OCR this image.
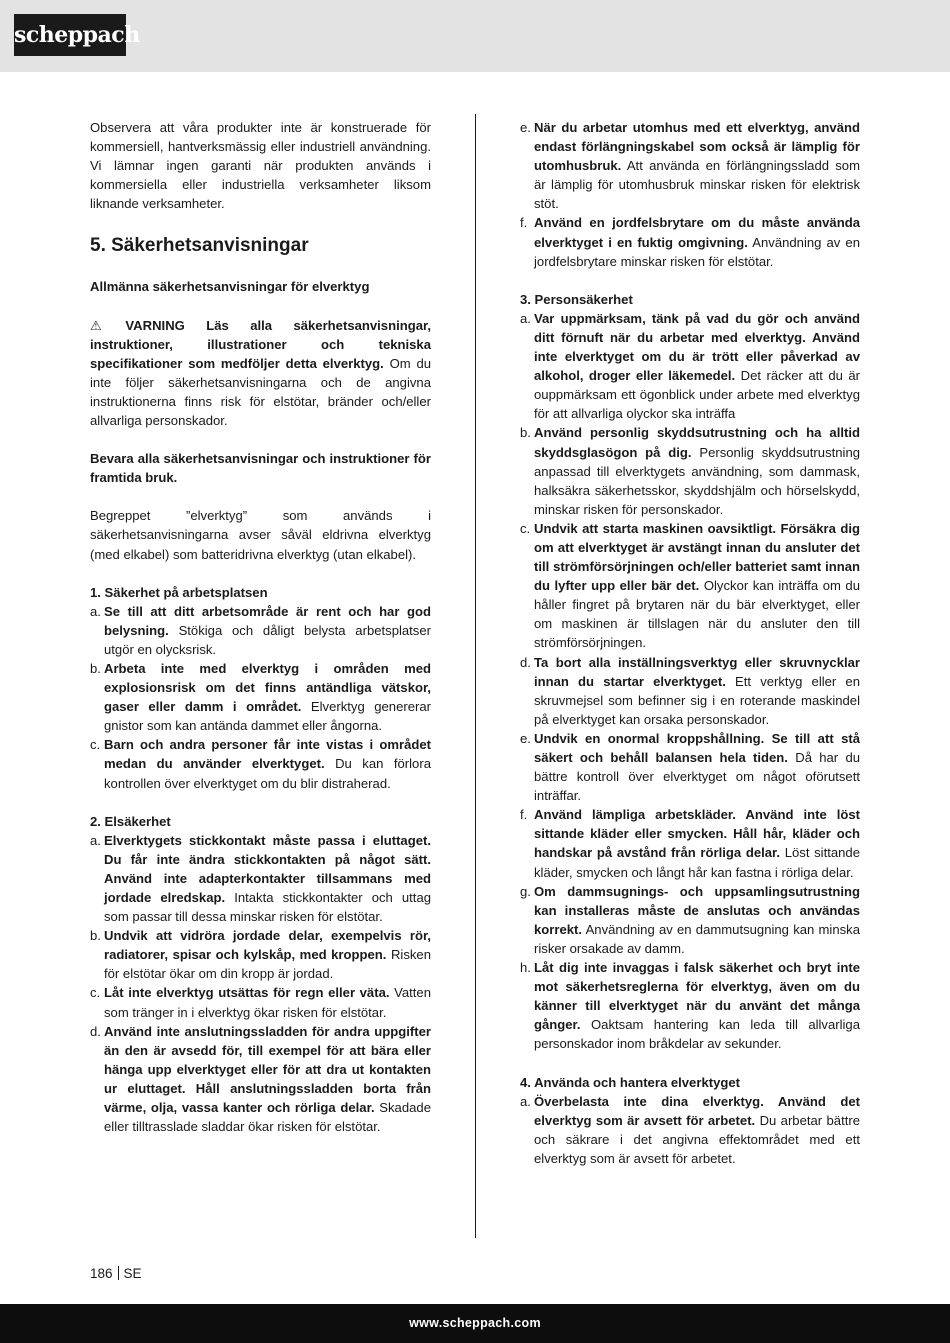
scheppach

Observera att våra produkter inte är konstruerade för kommersiell, hantverksmässig eller industriell användning. Vi lämnar ingen garanti när produkten används i kommersiella eller industriella verksamheter liksom liknande verksamheter.

5. Säkerhetsanvisningar

Allmänna säkerhetsanvisningar för elverktyg

⚠ VARNING Läs alla säkerhetsanvisningar, instruktioner, illustrationer och tekniska specifikationer som medföljer detta elverktyg. Om du inte följer säkerhetsanvisningarna och de angivna instruktionerna finns risk för elstötar, bränder och/eller allvarliga personskador.

Bevara alla säkerhetsanvisningar och instruktioner för framtida bruk.

Begreppet ”elverktyg” som används i säkerhetsanvisningarna avser såväl eldrivna elverktyg (med elkabel) som batteridrivna elverktyg (utan elkabel).

1. Säkerhet på arbetsplatsen

a. Se till att ditt arbetsområde är rent och har god belysning. Stökiga och dåligt belysta arbetsplatser utgör en olycksrisk.
b. Arbeta inte med elverktyg i områden med explosionsrisk om det finns antändliga vätskor, gaser eller damm i området. Elverktyg genererar gnistor som kan antända dammet eller ångorna.
c. Barn och andra personer får inte vistas i området medan du använder elverktyget. Du kan förlora kontrollen över elverktyget om du blir distraherad.

2. Elsäkerhet

a. Elverktygets stickkontakt måste passa i eluttaget. Du får inte ändra stickkontakten på något sätt. Använd inte adapterkontakter tillsammans med jordade elredskap. Intakta stickkontakter och uttag som passar till dessa minskar risken för elstötar.
b. Undvik att vidröra jordade delar, exempelvis rör, radiatorer, spisar och kylskåp, med kroppen. Risken för elstötar ökar om din kropp är jordad.
c. Låt inte elverktyg utsättas för regn eller väta. Vatten som tränger in i elverktyg ökar risken för elstötar.
d. Använd inte anslutningssladden för andra uppgifter än den är avsedd för, till exempel för att bära eller hänga upp elverktyget eller för att dra ut kontakten ur eluttaget. Håll anslutningssladden borta från värme, olja, vassa kanter och rörliga delar. Skadade eller tilltrasslade sladdar ökar risken för elstötar.
e. När du arbetar utomhus med ett elverktyg, använd endast förlängningskabel som också är lämplig för utomhusbruk. Att använda en förlängningssladd som är lämplig för utomhusbruk minskar risken för elektrisk stöt.
f. Använd en jordfelsbrytare om du måste använda elverktyget i en fuktig omgivning. Användning av en jordfelsbrytare minskar risken för elstötar.

3. Personsäkerhet

a. Var uppmärksam, tänk på vad du gör och använd ditt förnuft när du arbetar med elverktyg. Använd inte elverktyget om du är trött eller påverkad av alkohol, droger eller läkemedel. Det räcker att du är ouppmärksam ett ögonblick under arbete med elverktyg för att allvarliga olyckor ska inträffa
b. Använd personlig skyddsutrustning och ha alltid skyddsglasögon på dig. Personlig skyddsutrustning anpassad till elverktygets användning, som dammask, halksäkra säkerhetsskor, skyddshjälm och hörselskydd, minskar risken för personskador.
c. Undvik att starta maskinen oavsiktligt. Försäkra dig om att elverktyget är avstängt innan du ansluter det till strömförsörjningen och/eller batteriet samt innan du lyfter upp eller bär det. Olyckor kan inträffa om du håller fingret på brytaren när du bär elverktyget, eller om maskinen är tillslagen när du ansluter den till strömförsörjningen.
d. Ta bort alla inställningsverktyg eller skruvnycklar innan du startar elverktyget. Ett verktyg eller en skruvmejsel som befinner sig i en roterande maskindel på elverktyget kan orsaka personskador.
e. Undvik en onormal kroppshållning. Se till att stå säkert och behåll balansen hela tiden. Då har du bättre kontroll över elverktyget om något oförutsett inträffar.
f. Använd lämpliga arbetskläder. Använd inte löst sittande kläder eller smycken. Håll hår, kläder och handskar på avstånd från rörliga delar. Löst sittande kläder, smycken och långt hår kan fastna i rörliga delar.
g. Om dammsugnings- och uppsamlingsutrustning kan installeras måste de anslutas och användas korrekt. Användning av en dammutsugning kan minska risker orsakade av damm.
h. Låt dig inte invaggas i falsk säkerhet och bryt inte mot säkerhetsreglerna för elverktyg, även om du känner till elverktyget när du använt det många gånger. Oaktsam hantering kan leda till allvarliga personskador inom bråkdelar av sekunder.

4. Använda och hantera elverktyget

a. Överbelasta inte dina elverktyg. Använd det elverktyg som är avsett för arbetet. Du arbetar bättre och säkrare i det angivna effektområdet med ett elverktyg som är avsett för arbetet.
186 SE
www.scheppach.com
